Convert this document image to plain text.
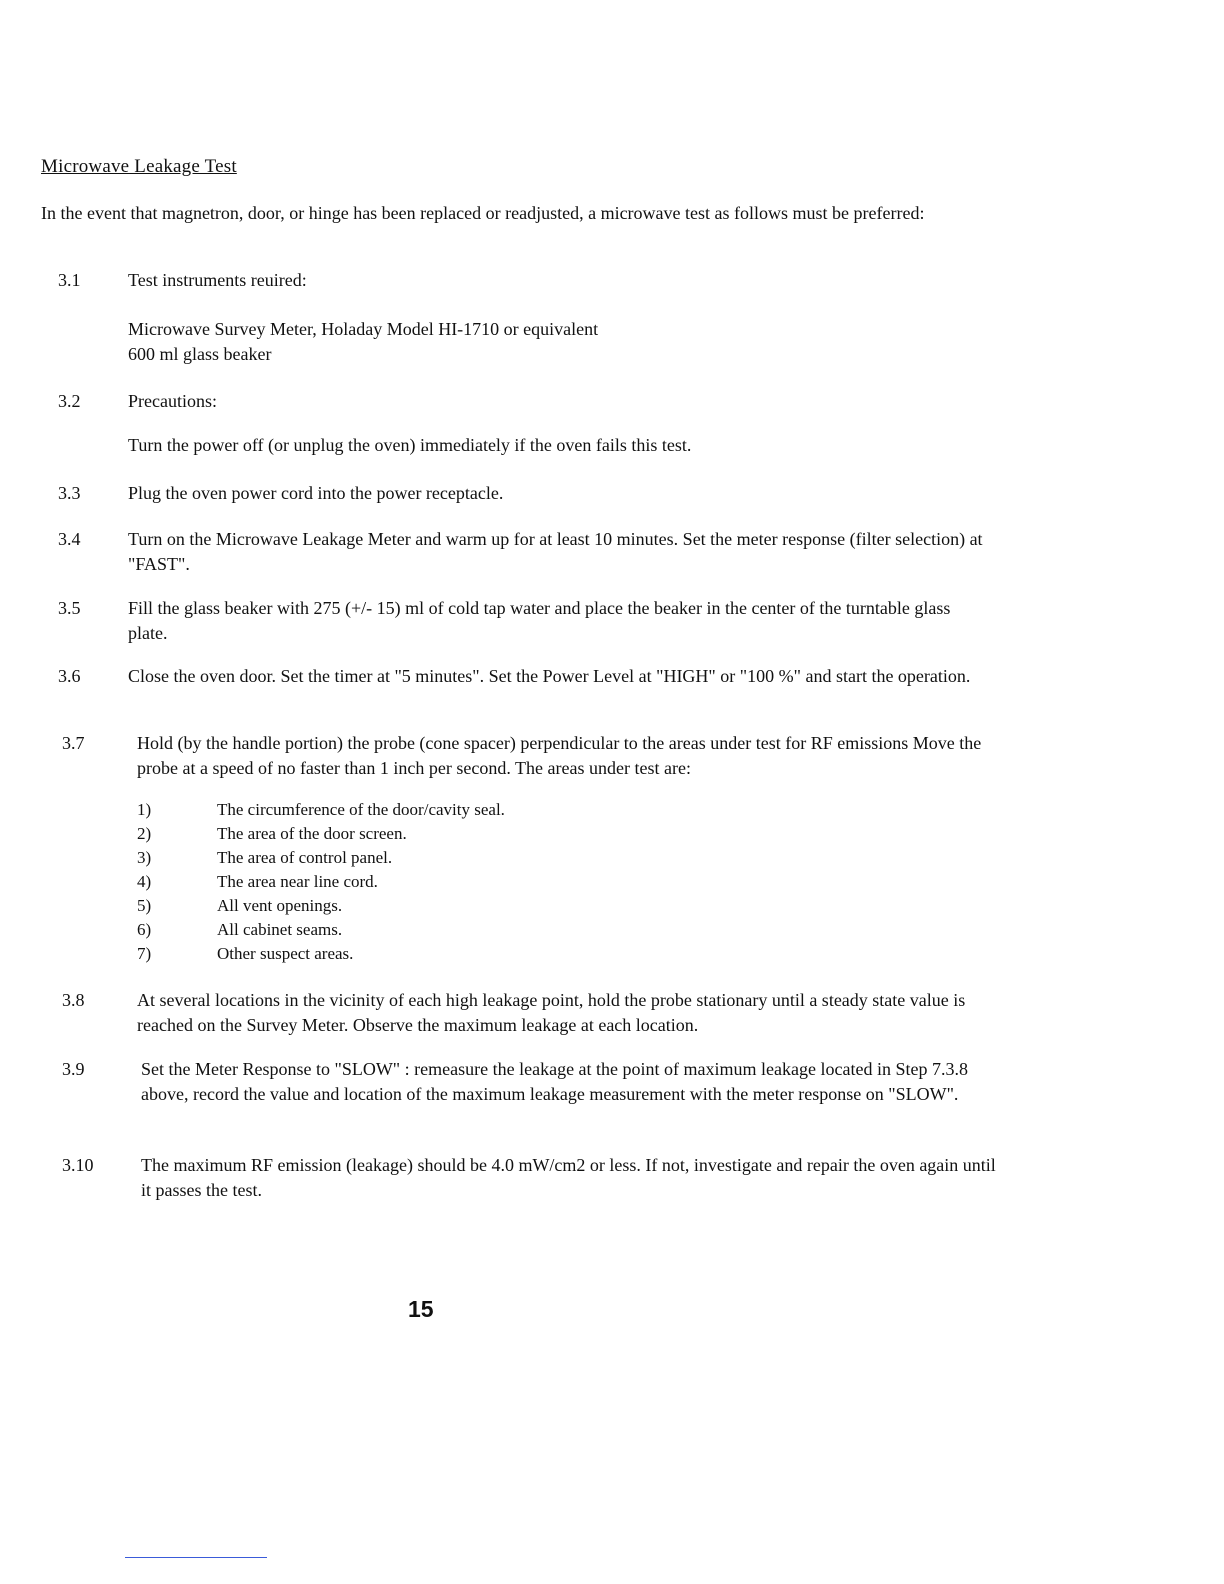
Microwave Leakage Test
In the event that magnetron, door, or hinge has been replaced or readjusted, a microwave test as follows must be preferred:
3.1	Test instruments reuired:
Microwave Survey Meter, Holaday Model HI-1710 or equivalent
600 ml glass beaker
3.2	Precautions:
Turn the power off (or unplug the oven) immediately if the oven fails this test.
3.3	Plug the oven power cord into the power receptacle.
3.4	Turn on the Microwave Leakage Meter and warm up for at least 10 minutes. Set the meter response (filter selection) at "FAST".
3.5	Fill the glass beaker with 275 (+/- 15) ml of cold tap water and place the beaker in the center of the turntable glass plate.
3.6	Close the oven door. Set the timer at "5 minutes". Set the Power Level at "HIGH" or "100 %" and start the operation.
3.7	Hold (by the handle portion) the probe (cone spacer) perpendicular to the areas under test for RF emissions Move the probe at a speed of no faster than 1 inch per second. The areas under test are:
1)	The circumference of the door/cavity seal.
2)	The area of the door screen.
3)	The area of control panel.
4)	The area near line cord.
5)	All vent openings.
6)	All cabinet seams.
7)	Other suspect areas.
3.8	At several locations in the vicinity of each high leakage point, hold the probe stationary until a steady state value is reached on the Survey Meter. Observe the maximum leakage at each location.
3.9	Set the Meter Response to "SLOW" : remeasure the leakage at the point of maximum leakage located in Step 7.3.8 above, record the value and location of the maximum leakage measurement with the meter response on "SLOW".
3.10	The maximum RF emission (leakage) should be 4.0 mW/cm2 or less. If not, investigate and repair the oven again until it passes the test.
15
